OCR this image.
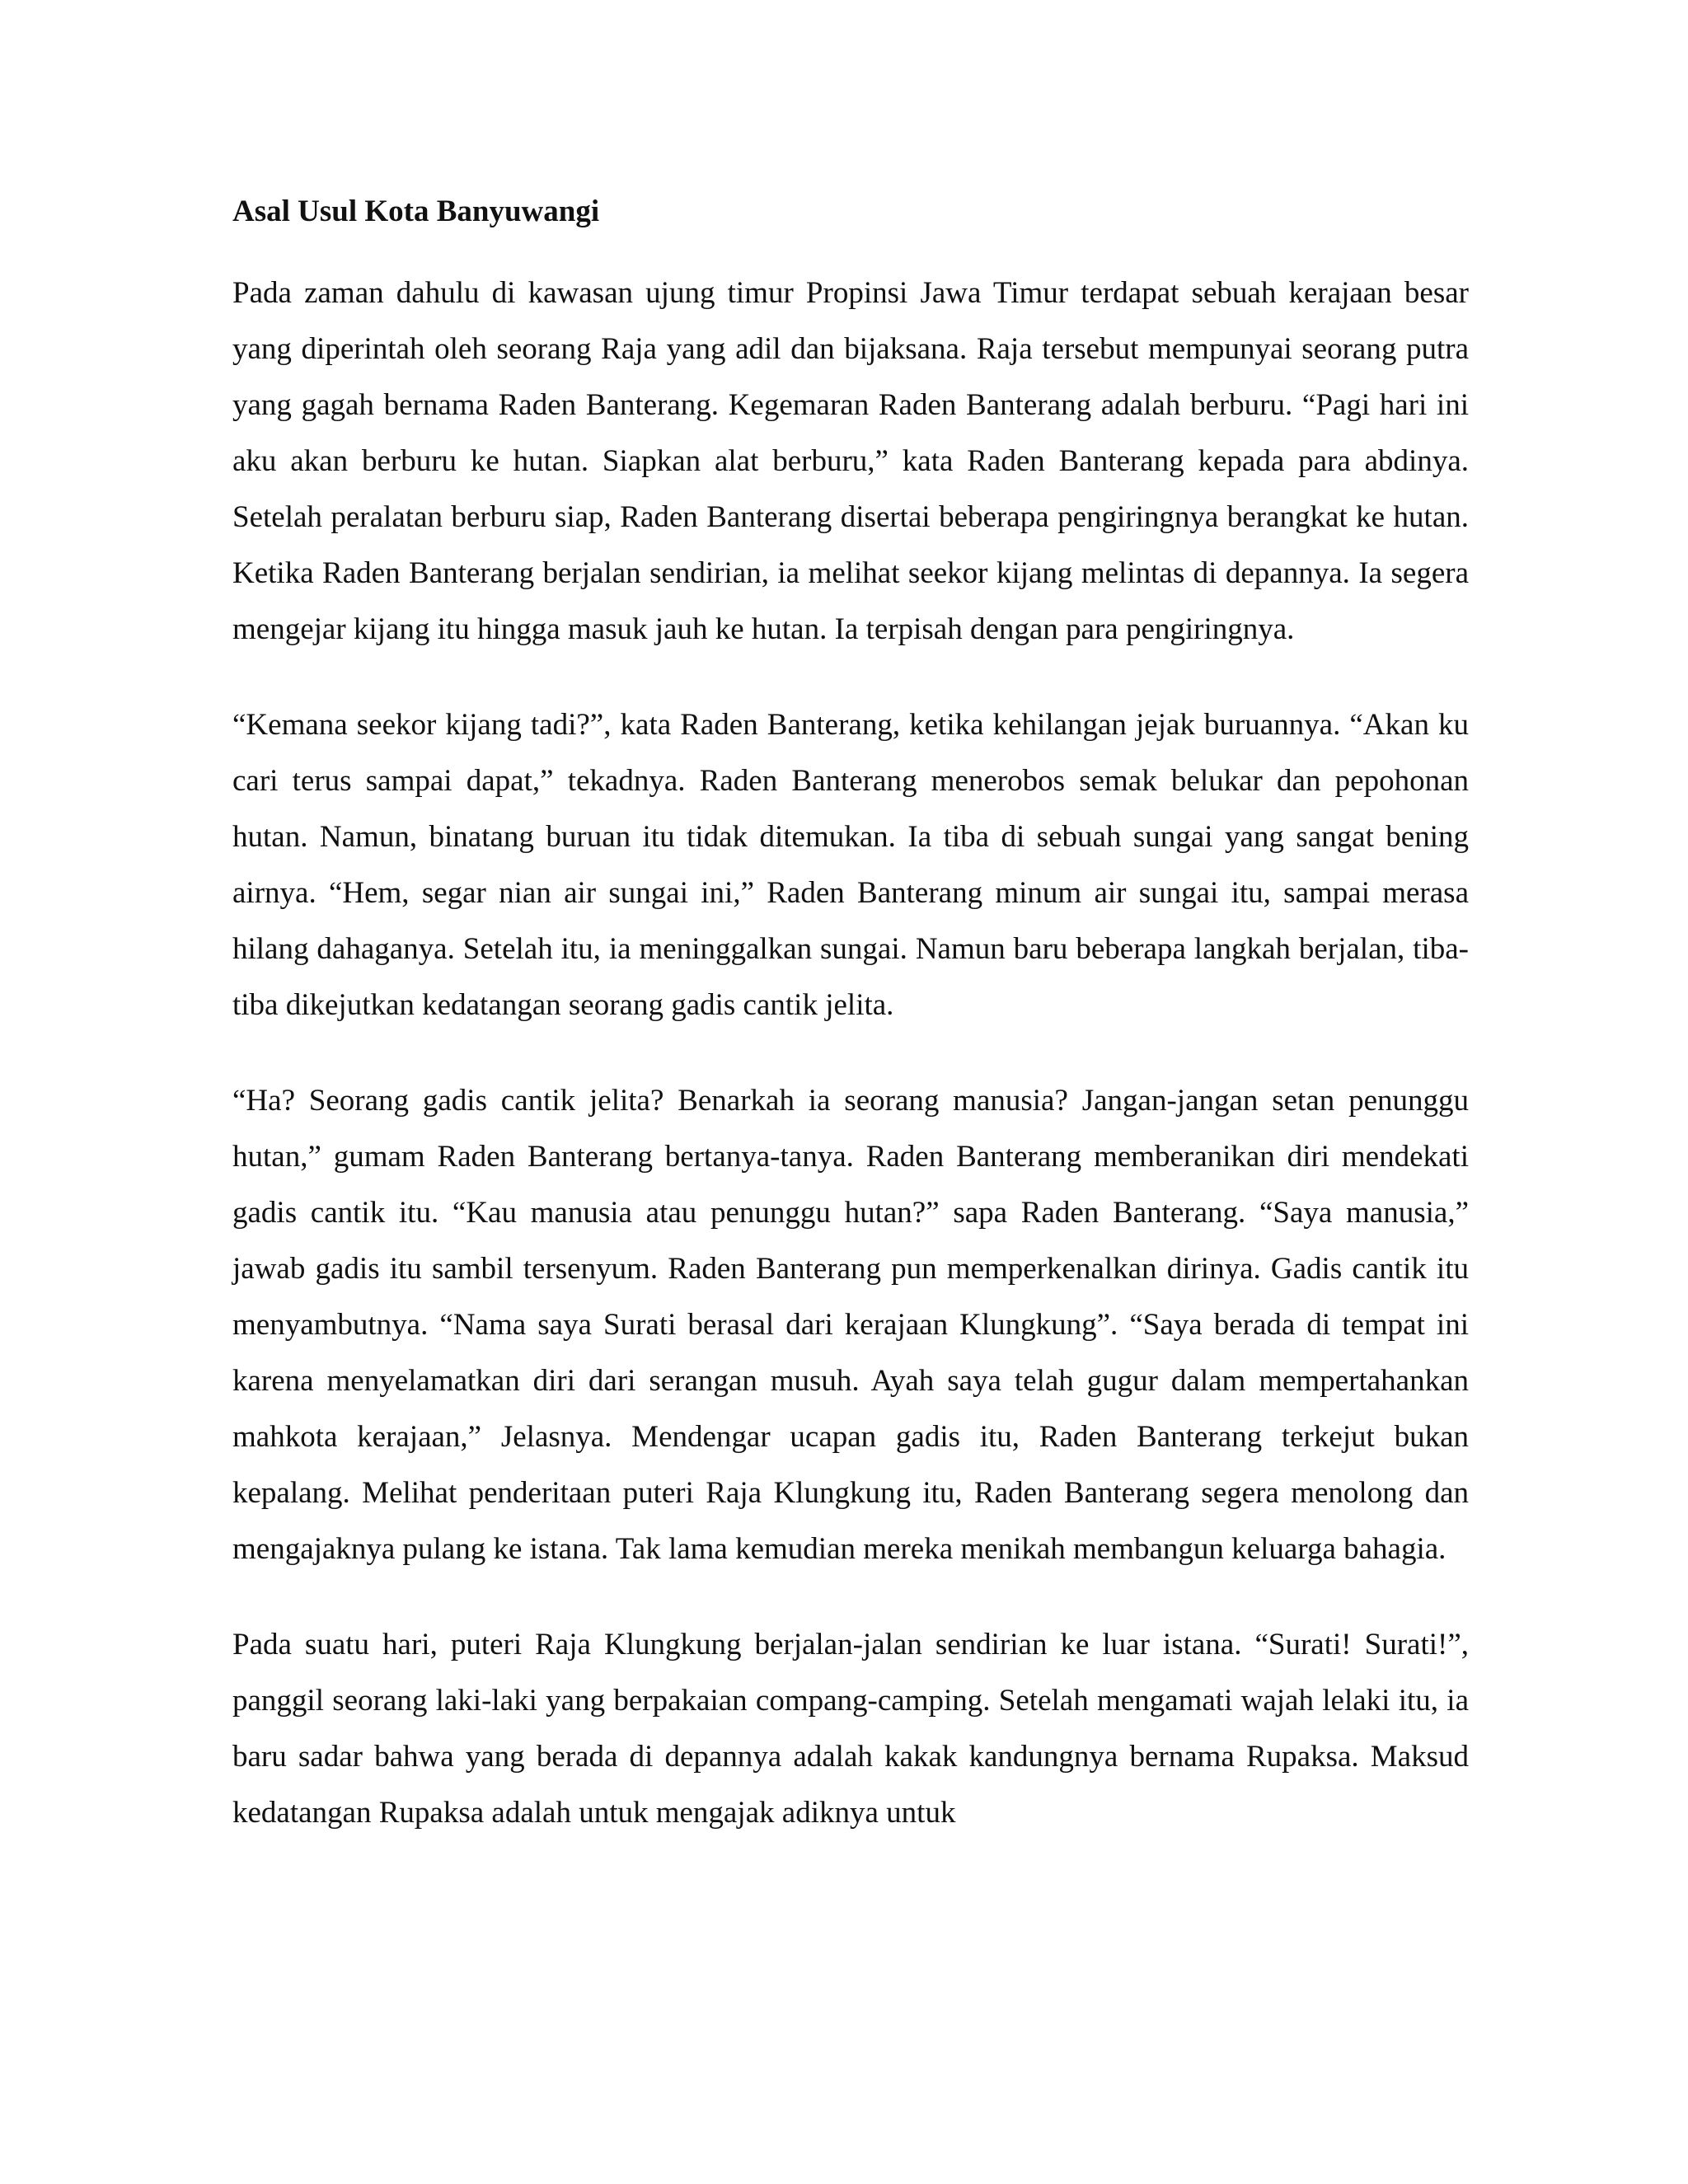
Asal Usul Kota Banyuwangi

Pada zaman dahulu di kawasan ujung timur Propinsi Jawa Timur terdapat sebuah kerajaan besar yang diperintah oleh seorang Raja yang adil dan bijaksana. Raja tersebut mempunyai seorang putra yang gagah bernama Raden Banterang. Kegemaran Raden Banterang adalah berburu. “Pagi hari ini aku akan berburu ke hutan. Siapkan alat berburu,” kata Raden Banterang kepada para abdinya. Setelah peralatan berburu siap, Raden Banterang disertai beberapa pengiringnya berangkat ke hutan. Ketika Raden Banterang berjalan sendirian, ia melihat seekor kijang melintas di depannya. Ia segera mengejar kijang itu hingga masuk jauh ke hutan. Ia terpisah dengan para pengiringnya.

“Kemana seekor kijang tadi?”, kata Raden Banterang, ketika kehilangan jejak buruannya. “Akan ku cari terus sampai dapat,” tekadnya. Raden Banterang menerobos semak belukar dan pepohonan hutan. Namun, binatang buruan itu tidak ditemukan. Ia tiba di sebuah sungai yang sangat bening airnya. “Hem, segar nian air sungai ini,” Raden Banterang minum air sungai itu, sampai merasa hilang dahaganya. Setelah itu, ia meninggalkan sungai. Namun baru beberapa langkah berjalan, tiba-tiba dikejutkan kedatangan seorang gadis cantik jelita.

“Ha? Seorang gadis cantik jelita? Benarkah ia seorang manusia? Jangan-jangan setan penunggu hutan,” gumam Raden Banterang bertanya-tanya. Raden Banterang memberanikan diri mendekati gadis cantik itu. “Kau manusia atau penunggu hutan?” sapa Raden Banterang. “Saya manusia,” jawab gadis itu sambil tersenyum. Raden Banterang pun memperkenalkan dirinya. Gadis cantik itu menyambutnya. “Nama saya Surati berasal dari kerajaan Klungkung”. “Saya berada di tempat ini karena menyelamatkan diri dari serangan musuh. Ayah saya telah gugur dalam mempertahankan mahkota kerajaan,” Jelasnya. Mendengar ucapan gadis itu, Raden Banterang terkejut bukan kepalang. Melihat penderitaan puteri Raja Klungkung itu, Raden Banterang segera menolong dan mengajaknya pulang ke istana. Tak lama kemudian mereka menikah membangun keluarga bahagia.

Pada suatu hari, puteri Raja Klungkung berjalan-jalan sendirian ke luar istana. “Surati! Surati!”, panggil seorang laki-laki yang berpakaian compang-camping. Setelah mengamati wajah lelaki itu, ia baru sadar bahwa yang berada di depannya adalah kakak kandungnya bernama Rupaksa. Maksud kedatangan Rupaksa adalah untuk mengajak adiknya untuk
